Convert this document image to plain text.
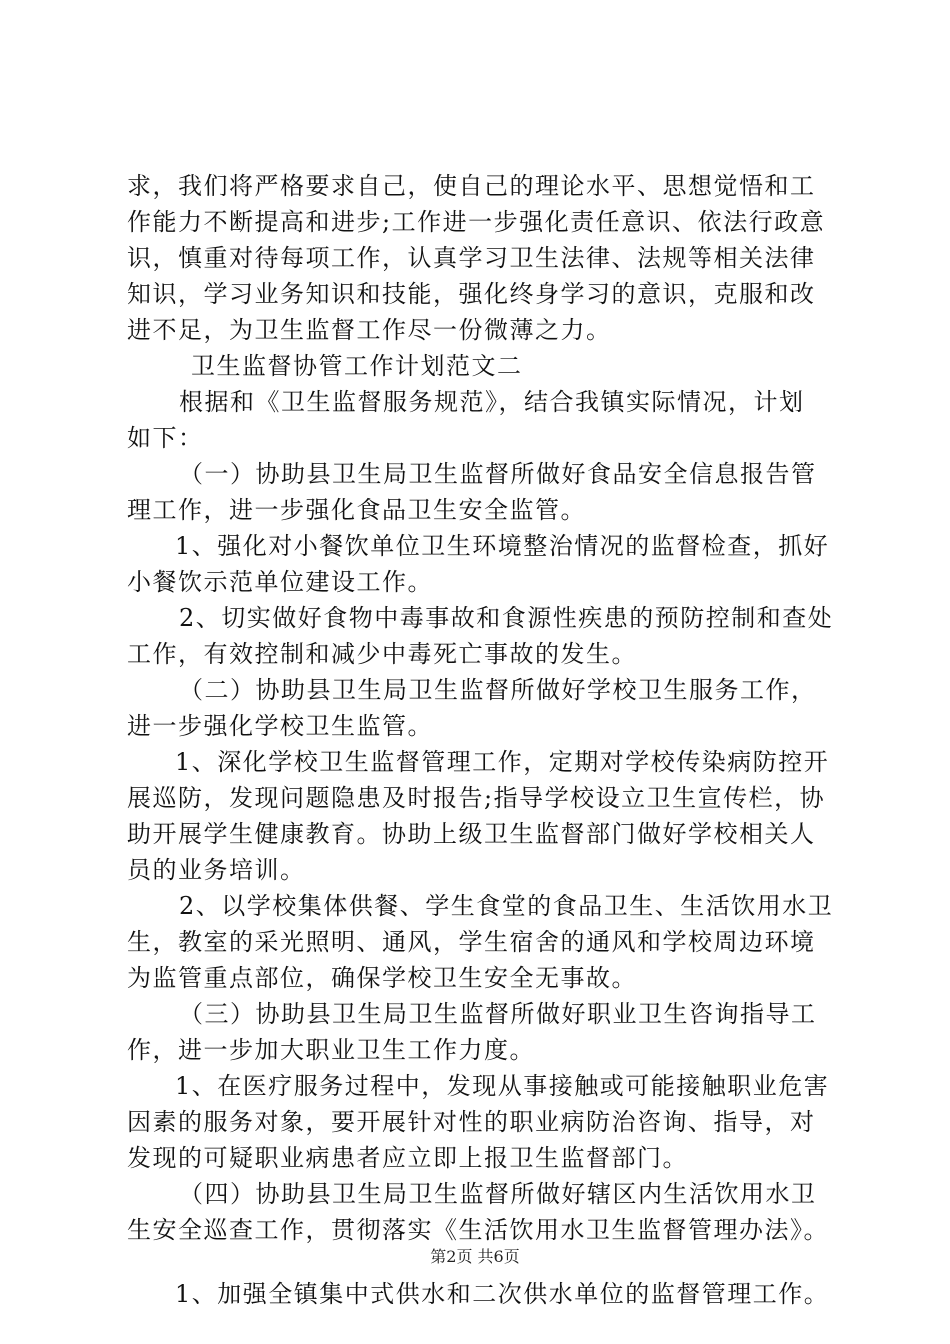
求，我们将严格要求自己，使自己的理论水平、思想觉悟和工
作能力不断提高和进步;工作进一步强化责任意识、依法行政意
识，慎重对待每项工作，认真学习卫生法律、法规等相关法律
知识，学习业务知识和技能，强化终身学习的意识，克服和改
进不足，为卫生监督工作尽一份微薄之力。
卫生监督协管工作计划范文二
根据和《卫生监督服务规范》，结合我镇实际情况，计划
如下：
（一）协助县卫生局卫生监督所做好食品安全信息报告管
理工作，进一步强化食品卫生安全监管。
1、强化对小餐饮单位卫生环境整治情况的监督检查，抓好
小餐饮示范单位建设工作。
2、切实做好食物中毒事故和食源性疾患的预防控制和查处
工作，有效控制和减少中毒死亡事故的发生。
（二）协助县卫生局卫生监督所做好学校卫生服务工作，
进一步强化学校卫生监管。
1、深化学校卫生监督管理工作，定期对学校传染病防控开
展巡防，发现问题隐患及时报告;指导学校设立卫生宣传栏，协
助开展学生健康教育。协助上级卫生监督部门做好学校相关人
员的业务培训。
2、以学校集体供餐、学生食堂的食品卫生、生活饮用水卫
生，教室的采光照明、通风，学生宿舍的通风和学校周边环境
为监管重点部位，确保学校卫生安全无事故。
（三）协助县卫生局卫生监督所做好职业卫生咨询指导工
作，进一步加大职业卫生工作力度。
1、在医疗服务过程中，发现从事接触或可能接触职业危害
因素的服务对象，要开展针对性的职业病防治咨询、指导，对
发现的可疑职业病患者应立即上报卫生监督部门。
（四）协助县卫生局卫生监督所做好辖区内生活饮用水卫
生安全巡查工作，贯彻落实《生活饮用水卫生监督管理办法》。
1、加强全镇集中式供水和二次供水单位的监督管理工作。
第2页 共6页
